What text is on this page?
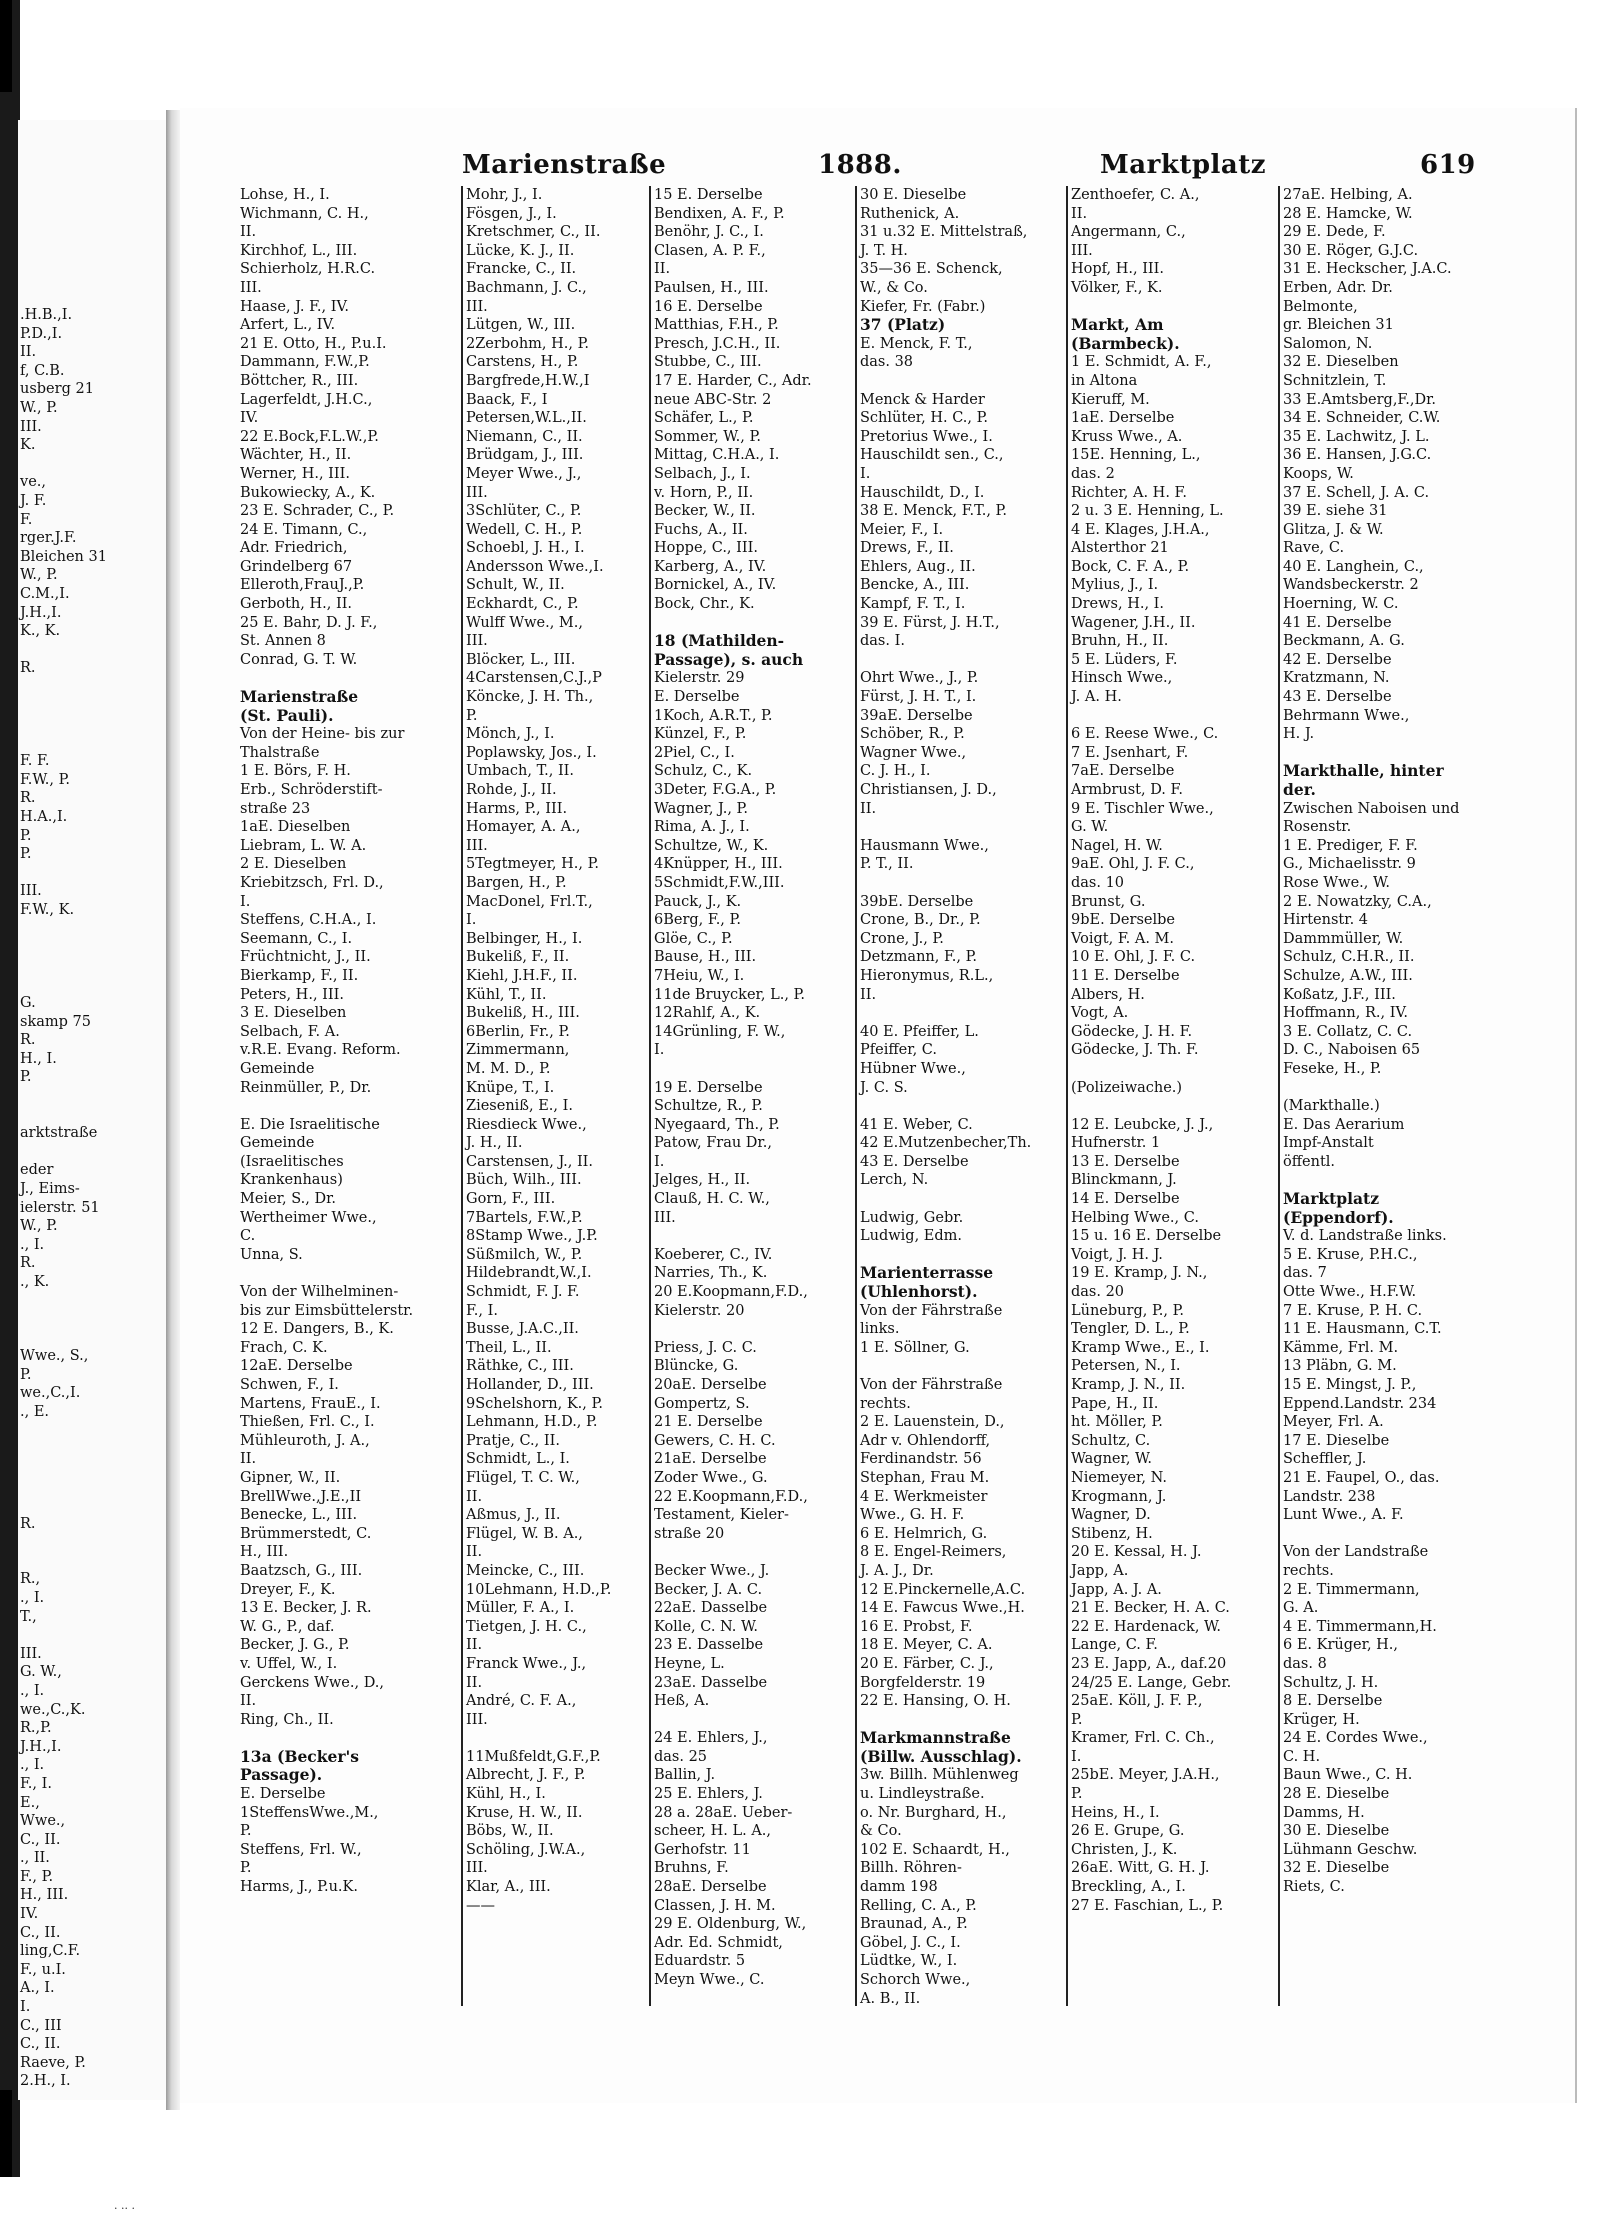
.Н.В.,I.
P.D.,I.
II.
f, C.B.
usberg 21
W., P.
III.
K.
ve.,
J. F.
F.
rger.J.F.
Bleichen 31
W., P.
C.M.,I.
J.H.,I.
K., K.
R.
F. F.
F.W., P.
R.
H.A.,I.
P.
P.
III.
F.W., K.
G.
skamp 75
R.
H., I.
P.
arktstraße
eder
J., Eims-
ielerstr. 51
W., P.
., I.
R.
., K.
Wwe., S.,
P.
we.,C.,I.
., E.
R.
R.,
., I.
T.,
III.
G. W.,
., I.
we.,C.,K.
R.,P.
J.H.,I.
., I.
F., I.
E.,
Wwe.,
C., II.
., II.
F., P.
H., III.
IV.
C., II.
ling,C.F.
F., u.I.
A., I.
I.
C., III
C., II.
Raeve, P.
2.H., I.
· ·· ·
Marienstraße	1888.	Marktplatz	619
Lohse, H., I.
Wichmann, C. H.,
II.
Kirchhof, L., III.
Schierholz, H.R.C.
III.
Haase, J. F., IV.
Arfert, L., IV.
21 E. Otto, H., P.u.I.
Dammann, F.W.,P.
Böttcher, R., III.
Lagerfeldt, J.H.C.,
IV.
22 E.Bock,F.L.W.,P.
Wächter, H., II.
Werner, H., III.
Bukowiecky, A., K.
23 E. Schrader, C., P.
24 E. Timann, C.,
Adr. Friedrich,
Grindelberg 67
Elleroth,FrauJ.,P.
Gerboth, H., II.
25 E. Bahr, D. J. F.,
St. Annen 8
Conrad, G. T. W.
Marienstraße
(St. Pauli).
Von der Heine- bis zur
Thalstraße
1 E. Börs, F. H.
Erb., Schröderstift-
straße 23
1aE. Dieselben
Liebram, L. W. A.
2 E. Dieselben
Kriebitzsch, Frl. D.,
I.
Steffens, C.H.A., I.
Seemann, C., I.
Früchtnicht, J., II.
Bierkamp, F., II.
Peters, H., III.
3 E. Dieselben
Selbach, F. A.
v.R.E. Evang. Reform.
Gemeinde
Reinmüller, P., Dr.
E. Die Israelitische
Gemeinde
(Israelitisches
Krankenhaus)
Meier, S., Dr.
Wertheimer Wwe.,
C.
Unna, S.
Von der Wilhelminen-
bis zur Eimsbüttelerstr.
12 E. Dangers, B., K.
Frach, C. K.
12aE. Derselbe
Schwen, F., I.
Martens, FrauE., I.
Thießen, Frl. C., I.
Mühleuroth, J. A.,
II.
Gipner, W., II.
BrellWwe.,J.E.,II
Benecke, L., III.
Brümmerstedt, C.
H., III.
Baatzsch, G., III.
Dreyer, F., K.
13 E. Becker, J. R.
W. G., P., daf.
Becker, J. G., P.
v. Uffel, W., I.
Gerckens Wwe., D.,
II.
Ring, Ch., II.
13a (Becker's
Passage).
E. Derselbe
1SteffensWwe.,M.,
P.
Steffens, Frl. W.,
P.
Harms, J., P.u.K.
Mohr, J., I.
Fösgen, J., I.
Kretschmer, C., II.
Lücke, K. J., II.
Francke, C., II.
Bachmann, J. C.,
III.
Lütgen, W., III.
2Zerbohm, H., P.
Carstens, H., P.
Bargfrede,H.W.,I
Baack, F., I
Petersen,W.L.,II.
Niemann, C., II.
Brüdgam, J., III.
Meyer Wwe., J.,
III.
3Schlüter, C., P.
Wedell, C. H., P.
Schoebl, J. H., I.
Andersson Wwe.,I.
Schult, W., II.
Eckhardt, C., P.
Wulff Wwe., M.,
III.
Blöcker, L., III.
4Carstensen,C.J.,P
Köncke, J. H. Th.,
P.
Mönch, J., I.
Poplawsky, Jos., I.
Umbach, T., II.
Rohde, J., II.
Harms, P., III.
Homayer, A. A.,
III.
5Tegtmeyer, H., P.
Bargen, H., P.
MacDonel, Frl.T.,
I.
Belbinger, H., I.
Bukeliß, F., II.
Kiehl, J.H.F., II.
Kühl, T., II.
Bukeliß, H., III.
6Berlin, Fr., P.
Zimmermann,
M. M. D., P.
Knüpe, T., I.
Zieseniß, E., I.
Riesdieck Wwe.,
J. H., II.
Carstensen, J., II.
Büch, Wilh., III.
Gorn, F., III.
7Bartels, F.W.,P.
8Stamp Wwe., J.P.
Süßmilch, W., P.
Hildebrandt,W.,I.
Schmidt, F. J. F.
F., I.
Busse, J.A.C.,II.
Theil, L., II.
Räthke, C., III.
Hollander, D., III.
9Schelshorn, K., P.
Lehmann, H.D., P.
Pratje, C., II.
Schmidt, L., I.
Flügel, T. C. W.,
II.
Aßmus, J., II.
Flügel, W. B. A.,
II.
Meincke, C., III.
10Lehmann, H.D.,P.
Müller, F. A., I.
Tietgen, J. H. C.,
II.
Franck Wwe., J.,
II.
André, C. F. A.,
III.
11Mußfeldt,G.F.,P.
Albrecht, J. F., P.
Kühl, H., I.
Kruse, H. W., II.
Böbs, W., II.
Schöling, J.W.A.,
III.
Klar, A., III.
——
15 E. Derselbe
Bendixen, A. F., P.
Benöhr, J. C., I.
Clasen, A. P. F.,
II.
Paulsen, H., III.
16 E. Derselbe
Matthias, F.H., P.
Presch, J.C.H., II.
Stubbe, C., III.
17 E. Harder, C., Adr.
neue ABC-Str. 2
Schäfer, L., P.
Sommer, W., P.
Mittag, C.H.A., I.
Selbach, J., I.
v. Horn, P., II.
Becker, W., II.
Fuchs, A., II.
Hoppe, C., III.
Karberg, A., IV.
Bornickel, A., IV.
Bock, Chr., K.
18 (Mathilden-
Passage), s. auch
Kielerstr. 29
E. Derselbe
1Koch, A.R.T., P.
Künzel, F., P.
2Piel, C., I.
Schulz, C., K.
3Deter, F.G.A., P.
Wagner, J., P.
Rima, A. J., I.
Schultze, W., K.
4Knüpper, H., III.
5Schmidt,F.W.,III.
Pauck, J., K.
6Berg, F., P.
Glöe, C., P.
Bause, H., III.
7Heiu, W., I.
11de Bruycker, L., P.
12Rahlf, A., K.
14Grünling, F. W.,
I.
19 E. Derselbe
Schultze, R., P.
Nyegaard, Th., P.
Patow, Frau Dr.,
I.
Jelges, H., II.
Clauß, H. C. W.,
III.
Koeberer, C., IV.
Narries, Th., K.
20 E.Koopmann,F.D.,
Kielerstr. 20
Priess, J. C. C.
Blüncke, G.
20aE. Derselbe
Gompertz, S.
21 E. Derselbe
Gewers, C. H. C.
21aE. Derselbe
Zoder Wwe., G.
22 E.Koopmann,F.D.,
Testament, Kieler-
straße 20
Becker Wwe., J.
Becker, J. A. C.
22aE. Dasselbe
Kolle, C. N. W.
23 E. Dasselbe
Heyne, L.
23aE. Dasselbe
Heß, A.
24 E. Ehlers, J.,
das. 25
Ballin, J.
25 E. Ehlers, J.
28 a. 28aE. Ueber-
scheer, H. L. A.,
Gerhofstr. 11
Bruhns, F.
28aE. Derselbe
Classen, J. H. M.
29 E. Oldenburg, W.,
Adr. Ed. Schmidt,
Eduardstr. 5
Meyn Wwe., C.
30 E. Dieselbe
Ruthenick, A.
31 u.32 E. Mittelstraß,
J. T. H.
35—36 E. Schenck,
W., & Co.
Kiefer, Fr. (Fabr.)
37 (Platz)
E. Menck, F. T.,
das. 38
Menck & Harder
Schlüter, H. C., P.
Pretorius Wwe., I.
Hauschildt sen., C.,
I.
Hauschildt, D., I.
38 E. Menck, F.T., P.
Meier, F., I.
Drews, F., II.
Ehlers, Aug., II.
Bencke, A., III.
Kampf, F. T., I.
39 E. Fürst, J. H.T.,
das. I.
Ohrt Wwe., J., P.
Fürst, J. H. T., I.
39aE. Derselbe
Schöber, R., P.
Wagner Wwe.,
C. J. H., I.
Christiansen, J. D.,
II.
Hausmann Wwe.,
P. T., II.
39bE. Derselbe
Crone, B., Dr., P.
Crone, J., P.
Detzmann, F., P.
Hieronymus, R.L.,
II.
40 E. Pfeiffer, L.
Pfeiffer, C.
Hübner Wwe.,
J. C. S.
41 E. Weber, C.
42 E.Mutzenbecher,Th.
43 E. Derselbe
Lerch, N.
Ludwig, Gebr.
Ludwig, Edm.
Marienterrasse
(Uhlenhorst).
Von der Fährstraße
links.
1 E. Söllner, G.
Von der Fährstraße
rechts.
2 E. Lauenstein, D.,
Adr v. Ohlendorff,
Ferdinandstr. 56
Stephan, Frau M.
4 E. Werkmeister
Wwe., G. H. F.
6 E. Helmrich, G.
8 E. Engel-Reimers,
J. A. J., Dr.
12 E.Pinckernelle,A.C.
14 E. Fawcus Wwe.,H.
16 E. Probst, F.
18 E. Meyer, C. A.
20 E. Färber, C. J.,
Borgfelderstr. 19
22 E. Hansing, O. H.
Markmannstraße
(Billw. Ausschlag).
3w. Billh. Mühlenweg
u. Lindleystraße.
o. Nr. Burghard, H.,
& Co.
102 E. Schaardt, H.,
Billh. Röhren-
damm 198
Relling, C. A., P.
Braunad, A., P.
Göbel, J. C., I.
Lüdtke, W., I.
Schorch Wwe.,
A. B., II.
Zenthoefer, C. A.,
II.
Angermann, C.,
III.
Hopf, H., III.
Völker, F., K.
Markt, Am
(Barmbeck).
1 E. Schmidt, A. F.,
in Altona
Kieruff, M.
1aE. Derselbe
Kruss Wwe., A.
15E. Henning, L.,
das. 2
Richter, A. H. F.
2 u. 3 E. Henning, L.
4 E. Klages, J.H.A.,
Alsterthor 21
Bock, C. F. A., P.
Mylius, J., I.
Drews, H., I.
Wagener, J.H., II.
Bruhn, H., II.
5 E. Lüders, F.
Hinsch Wwe.,
J. A. H.
6 E. Reese Wwe., C.
7 E. Jsenhart, F.
7aE. Derselbe
Armbrust, D. F.
9 E. Tischler Wwe.,
G. W.
Nagel, H. W.
9aE. Ohl, J. F. C.,
das. 10
Brunst, G.
9bE. Derselbe
Voigt, F. A. M.
10 E. Ohl, J. F. C.
11 E. Derselbe
Albers, H.
Vogt, A.
Gödecke, J. H. F.
Gödecke, J. Th. F.
(Polizeiwache.)
12 E. Leubcke, J. J.,
Hufnerstr. 1
13 E. Derselbe
Blinckmann, J.
14 E. Derselbe
Helbing Wwe., C.
15 u. 16 E. Derselbe
Voigt, J. H. J.
19 E. Kramp, J. N.,
das. 20
Lüneburg, P., P.
Tengler, D. L., P.
Kramp Wwe., E., I.
Petersen, N., I.
Kramp, J. N., II.
Pape, H., II.
ht. Möller, P.
Schultz, C.
Wagner, W.
Niemeyer, N.
Krogmann, J.
Wagner, D.
Stibenz, H.
20 E. Kessal, H. J.
Japp, A.
Japp, A. J. A.
21 E. Becker, H. A. C.
22 E. Hardenack, W.
Lange, C. F.
23 E. Japp, A., daf.20
24/25 E. Lange, Gebr.
25aE. Köll, J. F. P.,
P.
Kramer, Frl. C. Ch.,
I.
25bE. Meyer, J.A.H.,
P.
Heins, H., I.
26 E. Grupe, G.
Christen, J., K.
26aE. Witt, G. H. J.
Breckling, A., I.
27 E. Faschian, L., P.
27aE. Helbing, A.
28 E. Hamcke, W.
29 E. Dede, F.
30 E. Röger, G.J.C.
31 E. Heckscher, J.A.C.
Erben, Adr. Dr.
Belmonte,
gr. Bleichen 31
Salomon, N.
32 E. Dieselben
Schnitzlein, T.
33 E.Amtsberg,F.,Dr.
34 E. Schneider, C.W.
35 E. Lachwitz, J. L.
36 E. Hansen, J.G.C.
Koops, W.
37 E. Schell, J. A. C.
39 E. siehe 31
Glitza, J. & W.
Rave, C.
40 E. Langhein, C.,
Wandsbeckerstr. 2
Hoerning, W. C.
41 E. Derselbe
Beckmann, A. G.
42 E. Derselbe
Kratzmann, N.
43 E. Derselbe
Behrmann Wwe.,
H. J.
Markthalle, hinter
der.
Zwischen Naboisen und
Rosenstr.
1 E. Prediger, F. F.
G., Michaelisstr. 9
Rose Wwe., W.
2 E. Nowatzky, C.A.,
Hirtenstr. 4
Dammmüller, W.
Schulz, C.H.R., II.
Schulze, A.W., III.
Koßatz, J.F., III.
Hoffmann, R., IV.
3 E. Collatz, C. C.
D. C., Naboisen 65
Feseke, H., P.
(Markthalle.)
E. Das Aerarium
Impf-Anstalt
öffentl.
Marktplatz
(Eppendorf).
V. d. Landstraße links.
5 E. Kruse, P.H.C.,
das. 7
Otte Wwe., H.F.W.
7 E. Kruse, P. H. C.
11 E. Hausmann, C.T.
Kämme, Frl. M.
13 Pläbn, G. M.
15 E. Mingst, J. P.,
Eppend.Landstr. 234
Meyer, Frl. A.
17 E. Dieselbe
Scheffler, J.
21 E. Faupel, O., das.
Landstr. 238
Lunt Wwe., A. F.
Von der Landstraße
rechts.
2 E. Timmermann,
G. A.
4 E. Timmermann,H.
6 E. Krüger, H.,
das. 8
Schultz, J. H.
8 E. Derselbe
Krüger, H.
24 E. Cordes Wwe.,
C. H.
Baun Wwe., C. H.
28 E. Dieselbe
Damms, H.
30 E. Dieselbe
Lühmann Geschw.
32 E. Dieselbe
Riets, C.
